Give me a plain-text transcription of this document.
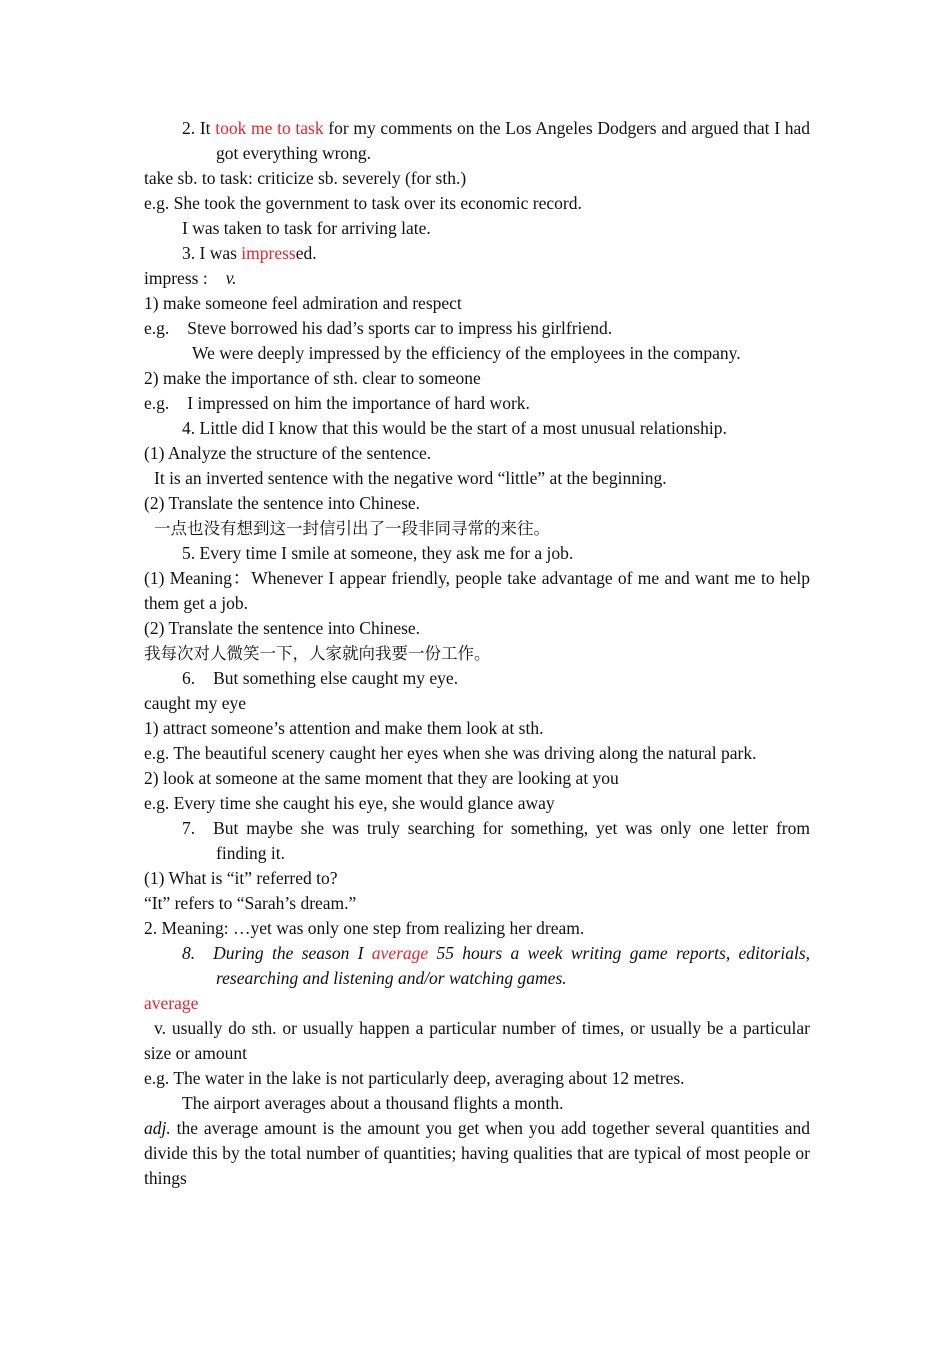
2. It took me to task for my comments on the Los Angeles Dodgers and argued that I had got everything wrong.
take sb. to task: criticize sb. severely (for sth.)
e.g. She took the government to task over its economic record.
I was taken to task for arriving late.
3. I was impressed.
impress : v.
1) make someone feel admiration and respect
e.g. Steve borrowed his dad’s sports car to impress his girlfriend.
We were deeply impressed by the efficiency of the employees in the company.
2) make the importance of sth. clear to someone
e.g. I impressed on him the importance of hard work.
4. Little did I know that this would be the start of a most unusual relationship.
(1) Analyze the structure of the sentence.
It is an inverted sentence with the negative word “little” at the beginning.
(2) Translate the sentence into Chinese.
一点也没有想到这一封信引出了一段非同寻常的来往。
5. Every time I smile at someone, they ask me for a job.
(1) Meaning：Whenever I appear friendly, people take advantage of me and want me to help them get a job.
(2) Translate the sentence into Chinese.
我每次对人微笑一下，人家就向我要一份工作。
6. But something else caught my eye.
caught my eye
1) attract someone’s attention and make them look at sth.
e.g. The beautiful scenery caught her eyes when she was driving along the natural park.
2) look at someone at the same moment that they are looking at you
e.g. Every time she caught his eye, she would glance away
7. But maybe she was truly searching for something, yet was only one letter from finding it.
(1) What is “it” referred to?
“It” refers to “Sarah’s dream.”
2. Meaning: …yet was only one step from realizing her dream.
8. During the season I average 55 hours a week writing game reports, editorials, researching and listening and/or watching games.
average
v. usually do sth. or usually happen a particular number of times, or usually be a particular size or amount
e.g. The water in the lake is not particularly deep, averaging about 12 metres.
The airport averages about a thousand flights a month.
adj. the average amount is the amount you get when you add together several quantities and divide this by the total number of quantities; having qualities that are typical of most people or things
